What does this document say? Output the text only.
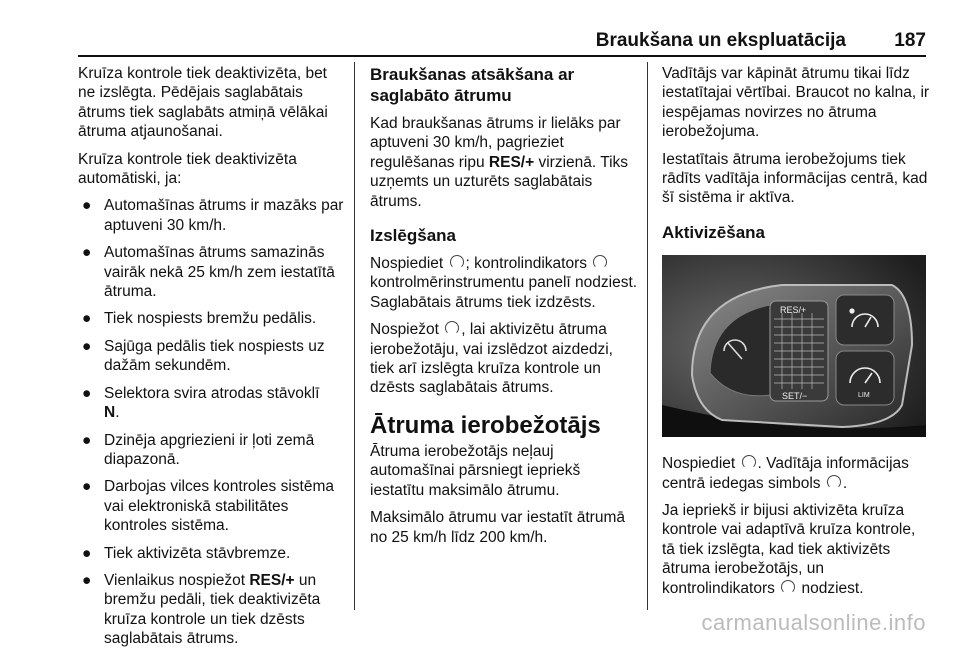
Braukšana un ekspluatācija	187

Kruīza kontrole tiek deaktivizēta, bet ne izslēgta. Pēdējais saglabātais ātrums tiek saglabāts atmiņā vēlākai ātruma atjaunošanai.

Kruīza kontrole tiek deaktivizēta automātiski, ja:

● Automašīnas ātrums ir mazāks par aptuveni 30 km/h.
● Automašīnas ātrums samazinās vairāk nekā 25 km/h zem iestatītā ātruma.
● Tiek nospiests bremžu pedālis.
● Sajūga pedālis tiek nospiests uz dažām sekundēm.
● Selektora svira atrodas stāvoklī
N.
● Dzinēja apgriezieni ir ļoti zemā diapazonā.
● Darbojas vilces kontroles sistēma vai elektroniskā stabilitātes kontroles sistēma.
● Tiek aktivizēta stāvbremze.
● Vienlaikus nospiežot RES/+ un bremžu pedāli, tiek deaktivizēta kruīza kontrole un tiek dzēsts saglabātais ātrums.
Braukšanas atsākšana ar saglabāto ātrumu

Kad braukšanas ātrums ir lielāks par aptuveni 30 km/h, pagrieziet regulēšanas ripu RES/+ virzienā. Tiks uzņemts un uzturēts saglabātais ātrums.

Izslēgšana

Nospiediet ; kontrolindikators  kontrolmērinstrumentu panelī nodziest. Saglabātais ātrums tiek izdzēsts.

Nospiežot , lai aktivizētu ātruma ierobežotāju, vai izslēdzot aizdedzi, tiek arī izslēgta kruīza kontrole un dzēsts saglabātais ātrums.

Ātruma ierobežotājs

Ātruma ierobežotājs neļauj automašīnai pārsniegt iepriekš iestatītu maksimālo ātrumu.

Maksimālo ātrumu var iestatīt ātrumā no 25 km/h līdz 200 km/h.

Vadītājs var kāpināt ātrumu tikai līdz iestatītajai vērtībai. Braucot no kalna, ir iespējamas novirzes no ātruma ierobežojuma.

Iestatītais ātruma ierobežojums tiek rādīts vadītāja informācijas centrā, kad šī sistēma ir aktīva.

Aktivizēšana
RES/+
SET/−	LIM

Nospiediet . Vadītāja informācijas centrā iedegas simbols .

Ja iepriekš ir bijusi aktivizēta kruīza kontrole vai adaptīvā kruīza kontrole, tā tiek izslēgta, kad tiek aktivizēts ātruma ierobežotājs, un kontrolindikators  nodziest.

carmanualsonline.info
